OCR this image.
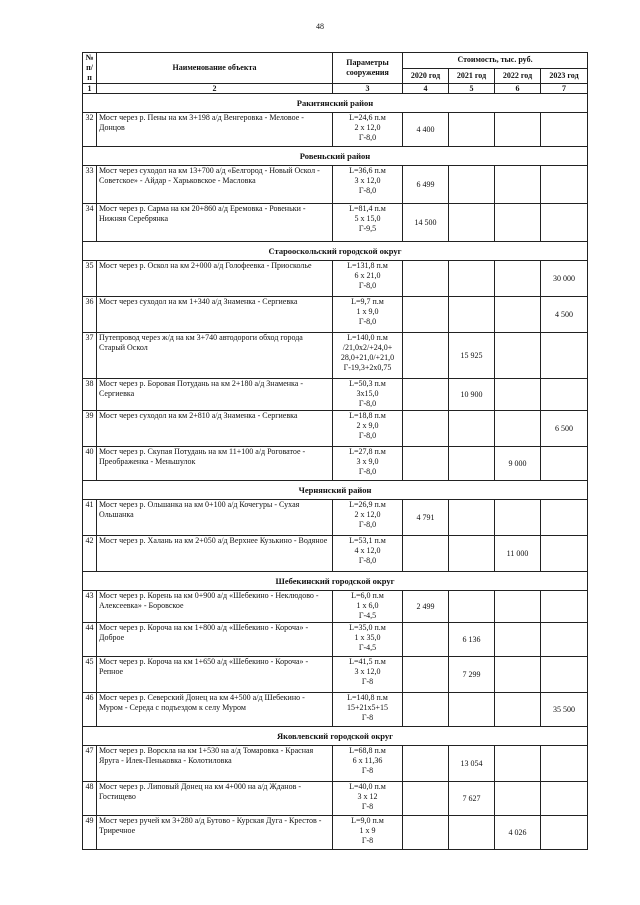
48
№ п/п	Наименование объекта	Параметры сооружения	Стоимость, тыс. руб.			
			2020 год	2021 год	2022 год	2023 год
1	2	3	4	5	6	7
Ракитянский район						
32	Мост через р. Пены на км 3+198 а/д Венгеровка - Меловое - Донцов	L=24,6 п.м
2 х 12,0
Г-8,0	4 400			
Ровеньский район						
33	Мост через суходол на км 13+700 а/д «Белгород - Новый Оскол - Советское» - Айдар - Харьковское - Масловка	L=36,6 п.м
3 х 12,0
Г-8,0	6 499			
34	Мост через р. Сарма на км 20+860 а/д Еремовка - Ровеньки - Нижняя Серебрянка	L=81,4 п.м
5 х 15,0
Г-9,5	14 500			
Старооскольский городской округ						
35	Мост через р. Оскол на км 2+000 а/д Голофеевка - Приосколье	L=131,8 п.м
6 х 21,0
Г-8,0				30 000
36	Мост через суходол на км 1+340 а/д Знаменка - Сергиевка	L=9,7 п.м
1 х 9,0
Г-8,0				4 500
37	Путепровод через ж/д на км 3+740 автодороги обход города Старый Оскол	L=140,0 п.м
/21,0х2/+24,0+
28,0+21,0/+21,0
Г-19,3+2х0,75		15 925		
38	Мост через р. Боровая Потудань на км 2+180 а/д Знаменка - Сергиевка	L=50,3 п.м
3х15,0
Г-8,0		10 900		
39	Мост через суходол на км 2+810 а/д Знаменка - Сергиевка	L=18,8 п.м
2 х 9,0
Г-8,0				6 500
40	Мост через р. Скупая Потудань на км 11+100 а/д Роговатое - Преображенка - Меньшулок	L=27,8 п.м
3 х 9,0
Г-8,0			9 000	
Чернянский район						
41	Мост через р. Ольшанка на км 0+100 а/д Кочегуры - Сухая Ольшанка	L=26,9 п.м
2 х 12,0
Г-8,0	4 791			
42	Мост через р. Халань на км 2+050 а/д Верхнее Кузькино - Водяное	L=53,1 п.м
4 х 12,0
Г-8,0			11 000	
Шебекинский городской округ						
43	Мост через р. Корень на км 0+900 а/д «Шебекино - Неклюдово - Алексеевка» - Боровское	L=6,0 п.м
1 х 6,0
Г-4,5	2 499			
44	Мост через р. Короча на км 1+800 а/д «Шебекино - Короча» - Доброе	L=35,0 п.м
1 х 35,0
Г-4,5		6 136		
45	Мост через р. Короча на км 1+650 а/д «Шебекино - Короча» - Репное	L=41,5 п.м
3 х 12,0
Г-8		7 299		
46	Мост через р. Северский Донец на км 4+500 а/д Шебекино - Муром - Середа с подъездом к селу Муром	L=140,8 п.м
15+21х5+15
Г-8				35 500
Яковлевский городской округ						
47	Мост через р. Ворскла на км 1+530 на а/д Томаровка - Красная Яруга - Илек-Пеньковка - Колотиловка	L=68,8 п.м
6 х 11,36
Г-8		13 054		
48	Мост через р. Липовый Донец на км 4+000 на а/д Жданов - Гостищево	L=40,0 п.м
3 х 12
Г-8		7 627		
49	Мост через ручей км 3+280 а/д Бутово - Курская Дуга - Крестов - Триречное	L=9,0 п.м
1 х 9
Г-8			4 026	
